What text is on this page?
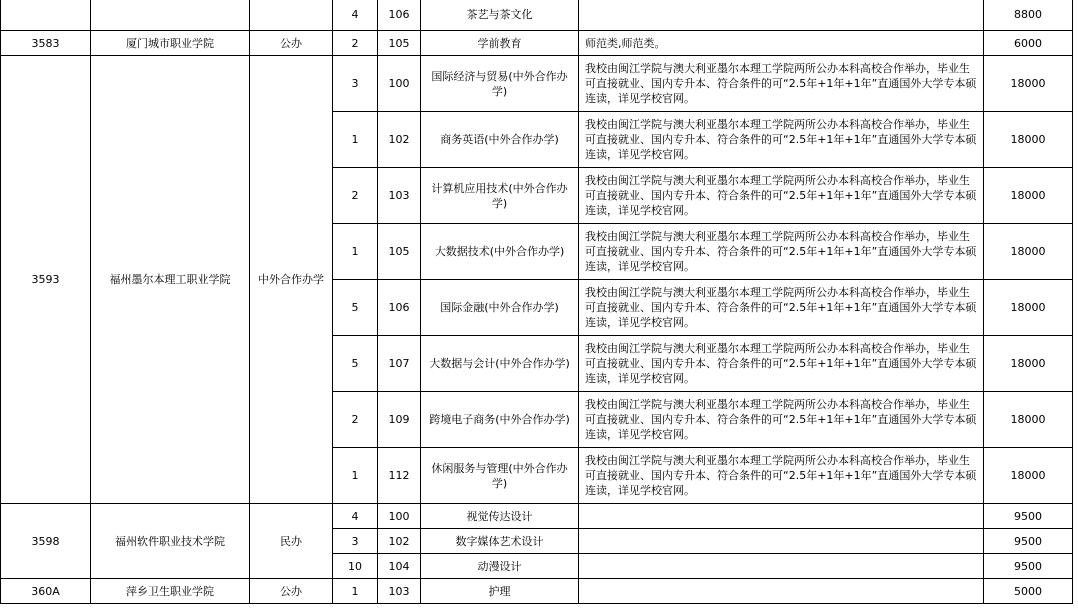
			4	106	茶艺与茶文化		8800
3583	厦门城市职业学院	公办	2	105	学前教育	师范类,师范类。	6000
3593	福州墨尔本理工职业学院	中外合作办学	3	100	国际经济与贸易(中外合作办学)	我校由闽江学院与澳大利亚墨尔本理工学院两所公办本科高校合作举办，毕业生可直接就业、国内专升本、符合条件的可“2.5年+1年+1年”直通国外大学专本硕连读，详见学校官网。	18000
			1	102	商务英语(中外合作办学)	我校由闽江学院与澳大利亚墨尔本理工学院两所公办本科高校合作举办，毕业生可直接就业、国内专升本、符合条件的可“2.5年+1年+1年”直通国外大学专本硕连读，详见学校官网。	18000
			2	103	计算机应用技术(中外合作办学)	我校由闽江学院与澳大利亚墨尔本理工学院两所公办本科高校合作举办，毕业生可直接就业、国内专升本、符合条件的可“2.5年+1年+1年”直通国外大学专本硕连读，详见学校官网。	18000
			1	105	大数据技术(中外合作办学)	我校由闽江学院与澳大利亚墨尔本理工学院两所公办本科高校合作举办，毕业生可直接就业、国内专升本、符合条件的可“2.5年+1年+1年”直通国外大学专本硕连读，详见学校官网。	18000
			5	106	国际金融(中外合作办学)	我校由闽江学院与澳大利亚墨尔本理工学院两所公办本科高校合作举办，毕业生可直接就业、国内专升本、符合条件的可“2.5年+1年+1年”直通国外大学专本硕连读，详见学校官网。	18000
			5	107	大数据与会计(中外合作办学)	我校由闽江学院与澳大利亚墨尔本理工学院两所公办本科高校合作举办，毕业生可直接就业、国内专升本、符合条件的可“2.5年+1年+1年”直通国外大学专本硕连读，详见学校官网。	18000
			2	109	跨境电子商务(中外合作办学)	我校由闽江学院与澳大利亚墨尔本理工学院两所公办本科高校合作举办，毕业生可直接就业、国内专升本、符合条件的可“2.5年+1年+1年”直通国外大学专本硕连读，详见学校官网。	18000
			1	112	休闲服务与管理(中外合作办学)	我校由闽江学院与澳大利亚墨尔本理工学院两所公办本科高校合作举办，毕业生可直接就业、国内专升本、符合条件的可“2.5年+1年+1年”直通国外大学专本硕连读，详见学校官网。	18000
3598	福州软件职业技术学院	民办	4	100	视觉传达设计		9500
			3	102	数字媒体艺术设计		9500
			10	104	动漫设计		9500
360A	萍乡卫生职业学院	公办	1	103	护理		5000
